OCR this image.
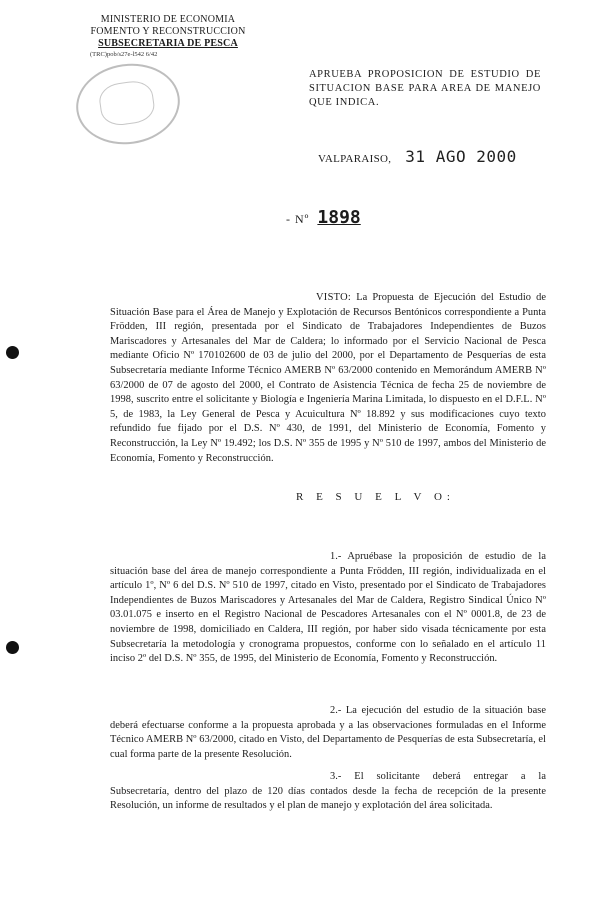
MINISTERIO DE ECONOMIA
FOMENTO Y RECONSTRUCCION
SUBSECRETARIA DE PESCA
(TRC)pob/s27e-l542 6/42
APRUEBA PROPOSICION DE ESTUDIO DE SITUACION BASE PARA AREA DE MANEJO QUE INDICA.
VALPARAISO, 31 AGO 2000
- Nº 1898
VISTO: La Propuesta de Ejecución del Estudio de Situación Base para el Área de Manejo y Explotación de Recursos Bentónicos correspondiente a Punta Frödden, III región, presentada por el Sindicato de Trabajadores Independientes de Buzos Mariscadores y Artesanales del Mar de Caldera; lo informado por el Servicio Nacional de Pesca mediante Oficio Nº 170102600 de 03 de julio del 2000, por el Departamento de Pesquerías de esta Subsecretaría mediante Informe Técnico AMERB Nº 63/2000 contenido en Memorándum AMERB Nº 63/2000 de 07 de agosto del 2000, el Contrato de Asistencia Técnica de fecha 25 de noviembre de 1998, suscrito entre el solicitante y Biología e Ingeniería Marina Limitada, lo dispuesto en el D.F.L. Nº 5, de 1983, la Ley General de Pesca y Acuicultura Nº 18.892 y sus modificaciones cuyo texto refundido fue fijado por el D.S. Nº 430, de 1991, del Ministerio de Economía, Fomento y Reconstrucción, la Ley Nº 19.492; los D.S. Nº 355 de 1995 y Nº 510 de 1997, ambos del Ministerio de Economía, Fomento y Reconstrucción.
R E S U E L V O:
1.- Apruébase la proposición de estudio de la situación base del área de manejo correspondiente a Punta Frödden, III región, individualizada en el artículo 1º, Nº 6 del D.S. Nº 510 de 1997, citado en Visto, presentado por el Sindicato de Trabajadores Independientes de Buzos Mariscadores y Artesanales del Mar de Caldera, Registro Sindical Único Nº 03.01.075 e inserto en el Registro Nacional de Pescadores Artesanales con el Nº 0001.8, de 23 de noviembre de 1998, domiciliado en Caldera, III región, por haber sido visada técnicamente por esta Subsecretaría la metodología y cronograma propuestos, conforme con lo señalado en el artículo 11 inciso 2º del D.S. Nº 355, de 1995, del Ministerio de Economía, Fomento y Reconstrucción.
2.- La ejecución del estudio de la situación base deberá efectuarse conforme a la propuesta aprobada y a las observaciones formuladas en el Informe Técnico AMERB Nº 63/2000, citado en Visto, del Departamento de Pesquerías de esta Subsecretaría, el cual forma parte de la presente Resolución.
3.- El solicitante deberá entregar a la Subsecretaría, dentro del plazo de 120 días contados desde la fecha de recepción de la presente Resolución, un informe de resultados y el plan de manejo y explotación del área solicitada.
